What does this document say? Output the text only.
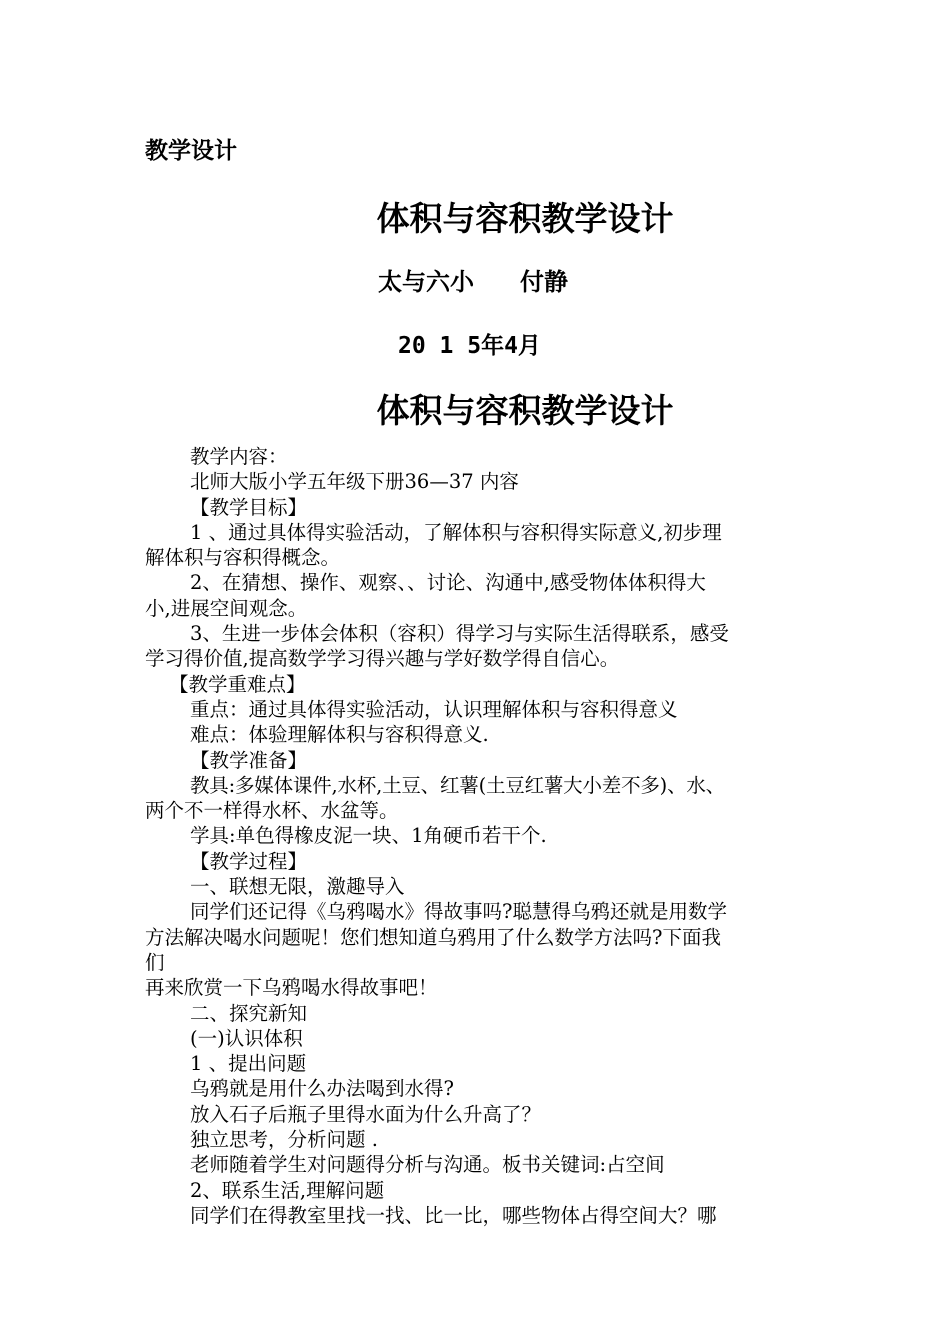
教学设计
体积与容积教学设计
太与六小 付静
20 1 5年4月
体积与容积教学设计
教学内容：
北师大版小学五年级下册36—37 内容
【教学目标】
1 、通过具体得实验活动，了解体积与容积得实际意义,初步理
解体积与容积得概念。
2、在猜想、操作、观察、、讨论、沟通中,感受物体体积得大
小,进展空间观念。
3、生进一步体会体积（容积）得学习与实际生活得联系，感受
学习得价值,提高数学学习得兴趣与学好数学得自信心。
【教学重难点】
重点：通过具体得实验活动，认识理解体积与容积得意义
难点：体验理解体积与容积得意义.
【教学准备】
教具:多媒体课件,水杯,土豆、红薯(土豆红薯大小差不多)、水、
两个不一样得水杯、水盆等。
学具:单色得橡皮泥一块、1角硬币若干个.
【教学过程】
一、联想无限，激趣导入
同学们还记得《乌鸦喝水》得故事吗?聪慧得乌鸦还就是用数学
方法解决喝水问题呢！您们想知道乌鸦用了什么数学方法吗?下面我
们
再来欣赏一下乌鸦喝水得故事吧！
二、探究新知
(一)认识体积
1 、提出问题
乌鸦就是用什么办法喝到水得?
放入石子后瓶子里得水面为什么升高了？
独立思考，分析问题 .
老师随着学生对问题得分析与沟通。板书关键词:占空间
2、联系生活,理解问题
同学们在得教室里找一找、比一比，哪些物体占得空间大？哪
